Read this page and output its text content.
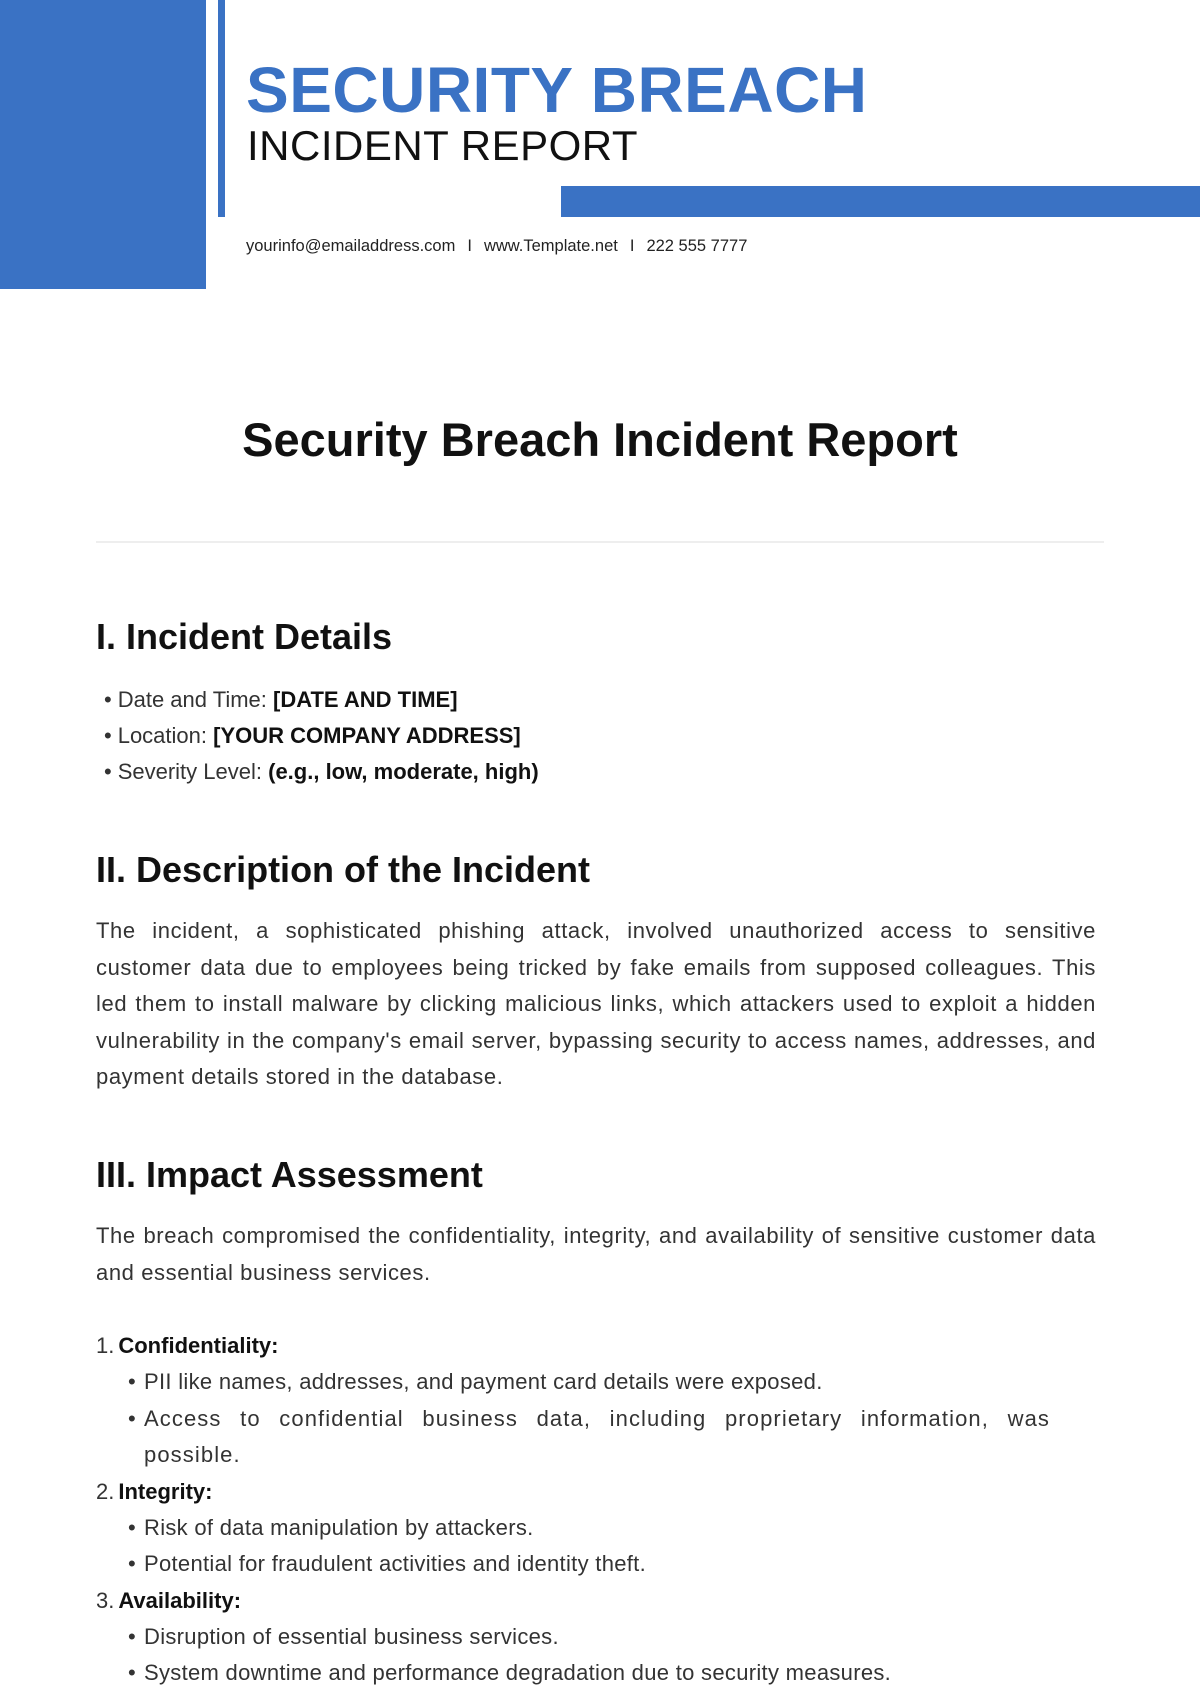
SECURITY BREACH
INCIDENT REPORT
yourinfo@emailaddress.com I www.Template.net I 222 555 7777
Security Breach Incident Report
I. Incident Details
• Date and Time: [DATE AND TIME]
• Location: [YOUR COMPANY ADDRESS]
• Severity Level: (e.g., low, moderate, high)
II. Description of the Incident

The incident, a sophisticated phishing attack, involved unauthorized access to sensitive customer data due to employees being tricked by fake emails from supposed colleagues. This led them to install malware by clicking malicious links, which attackers used to exploit a hidden vulnerability in the company's email server, bypassing security to access names, addresses, and payment details stored in the database.

III. Impact Assessment

The breach compromised the confidentiality, integrity, and availability of sensitive customer data and essential business services.

1. Confidentiality:
• PII like names, addresses, and payment card details were exposed.
• Access to confidential business data, including proprietary information, was possible.
2. Integrity:
• Risk of data manipulation by attackers.
• Potential for fraudulent activities and identity theft.
3. Availability:
• Disruption of essential business services.
• System downtime and performance degradation due to security measures.
